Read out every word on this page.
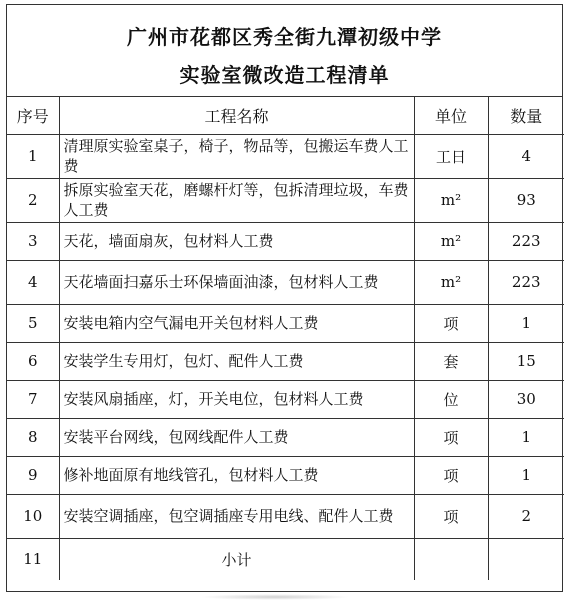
广州市花都区秀全街九潭初级中学
实验室微改造工程清单
序号	工程名称	单位	数量
1	清理原实验室桌子，椅子，物品等，包搬运车费人工费	工日	4
2	拆原实验室天花，磨螺杆灯等，包拆清理垃圾，车费人工费	m²	93
3	天花，墙面扇灰，包材料人工费	m²	223
4	天花墙面扫嘉乐士环保墙面油漆，包材料人工费	m²	223
5	安装电箱内空气漏电开关包材料人工费	项	1
6	安装学生专用灯，包灯、配件人工费	套	15
7	安装风扇插座，灯，开关电位，包材料人工费	位	30
8	安装平台网线，包网线配件人工费	项	1
9	修补地面原有地线管孔，包材料人工费	项	1
10	安装空调插座，包空调插座专用电线、配件人工费	项	2
11	小计		
